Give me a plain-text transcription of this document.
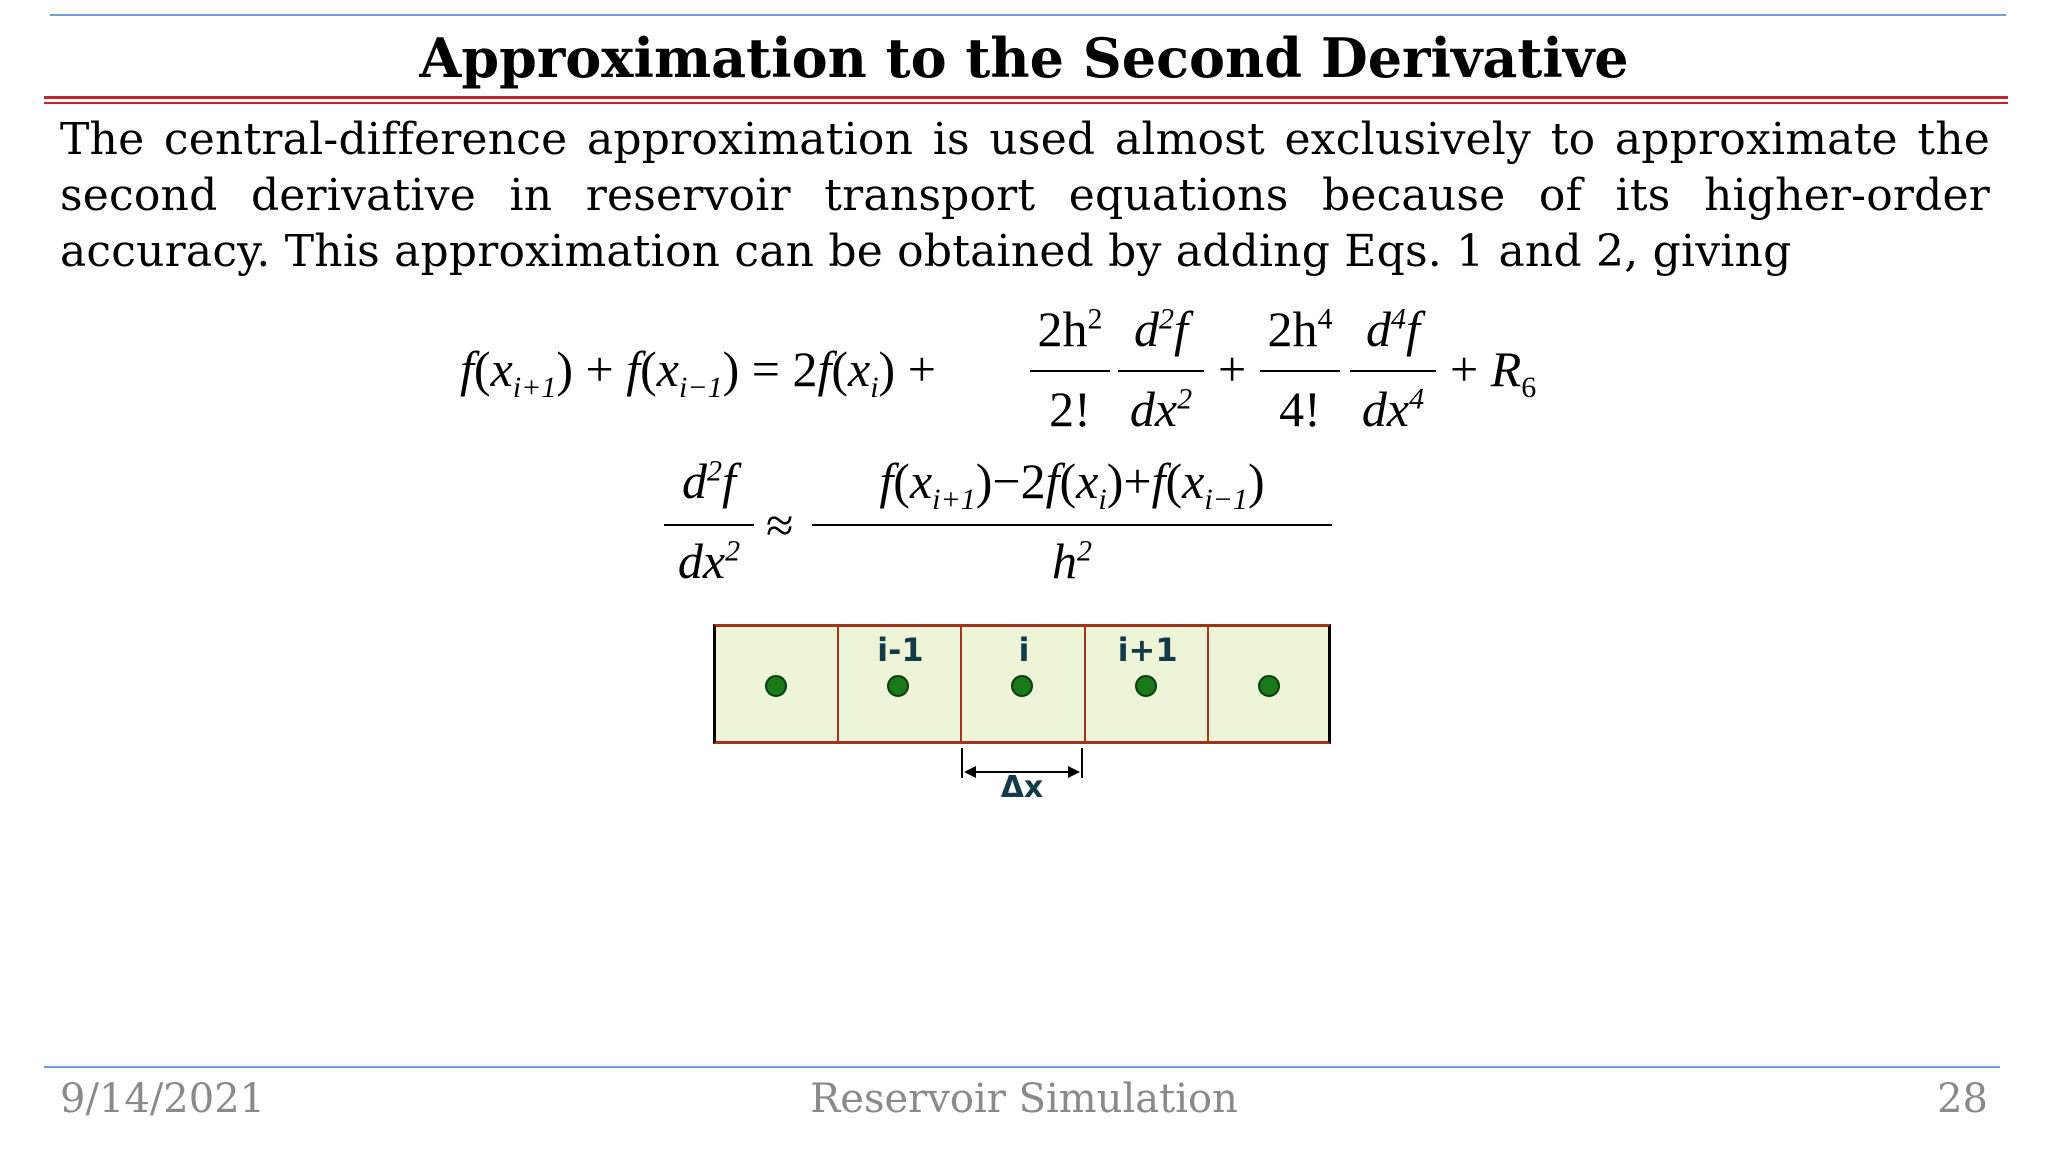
Approximation to the Second Derivative
The central-difference approximation is used almost exclusively to approximate the second derivative in reservoir transport equations because of its higher-order accuracy. This approximation can be obtained by adding Eqs. 1 and 2, giving
$f(x_{i+1}) + f(x_{i-1}) = 2f(x_i)$ +
$2h^2$
2!
$d^2f$
$dx^2$
+
$2h^4$
4!
$d^4f$
$dx^4$
+ $R_6$
$d^2f$
$dx^2$ ≈
$f(x_{i+1})-2f(x_i)+f(x_{i-1})$
$h^2$
i-1	i	i+1
Δx
9/14/2021	Reservoir Simulation	28
